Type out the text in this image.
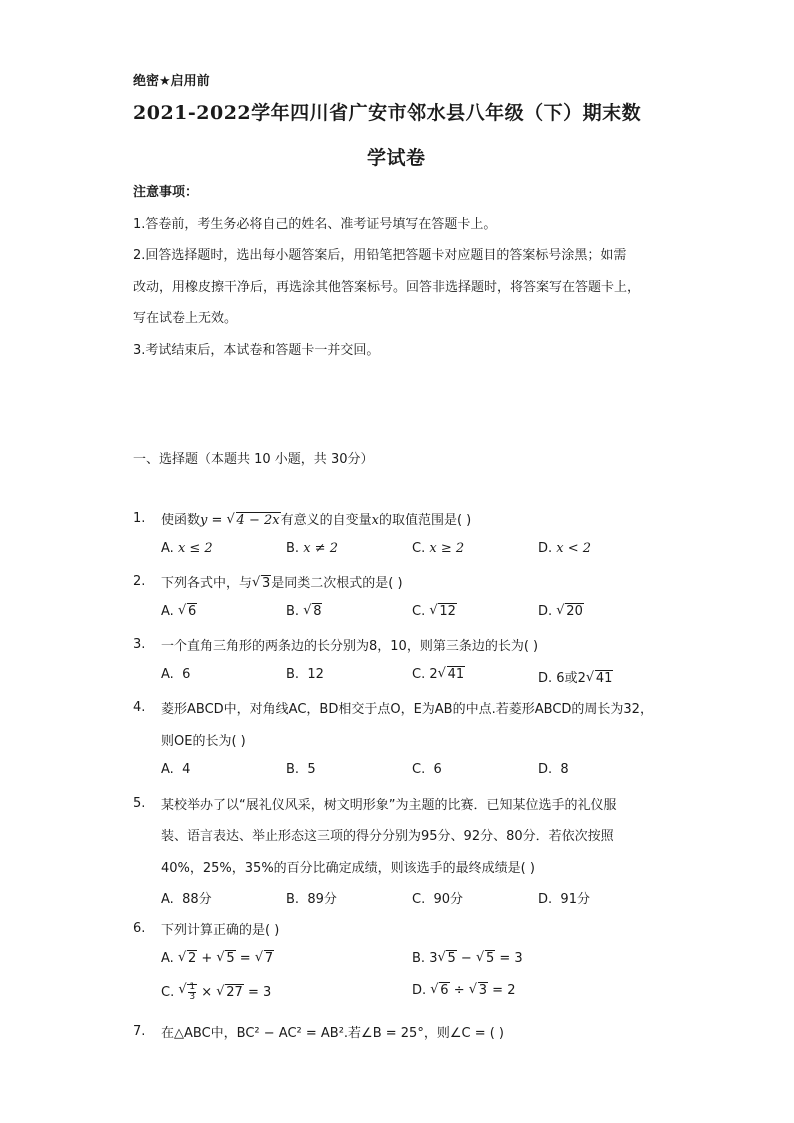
绝密★启用前
2021-2022学年四川省广安市邻水县八年级（下）期末数
学试卷
注意事项：
1.答卷前，考生务必将自己的姓名、准考证号填写在答题卡上。
2.回答选择题时，选出每小题答案后，用铅笔把答题卡对应题目的答案标号涂黑；如需
改动，用橡皮擦干净后，再选涂其他答案标号。回答非选择题时，将答案写在答题卡上，
写在试卷上无效。
3.考试结束后，本试卷和答题卡一并交回。
一、选择题（本题共 10 小题，共 30分）
1. 使函数y = √ 4 − 2x有意义的自变量x的取值范围是( )
A. x ≤ 2	B. x ≠ 2	C. x ≥ 2	D. x < 2
2. 下列各式中，与 √ 3是同类二次根式的是( )
A. √ 6	B. √ 8	C. √ 12	D. √ 20
3. 一个直角三角形的两条边的长分别为8，10，则第三条边的长为( )
A. 6	B. 12	C. 2 √ 41	D. 6或2 √ 41
4. 菱形ABCD中，对角线AC，BD相交于点O，E为AB的中点.若菱形ABCD的周长为32，
则OE的长为( )
A. 4	B. 5	C. 6	D. 8
5. 某校举办了以“展礼仪风采，树文明形象”为主题的比赛．已知某位选手的礼仪服
装、语言表达、举止形态这三项的得分分别为95分、92分、80分．若依次按照
40%，25%，35%的百分比确定成绩，则该选手的最终成绩是( )
A. 88分	B. 89分	C. 90分	D. 91分
6. 下列计算正确的是( )
A. √ 2 + √ 5 = √ 7	B. 3 √ 5 − √ 5 = 3
C. √ $\frac{1}{3}$ × √ 27 = 3	D. √ 6 ÷ √ 3 = 2
7. 在△ABC中，BC² − AC² = AB².若∠B = 25°，则∠C = ( )
